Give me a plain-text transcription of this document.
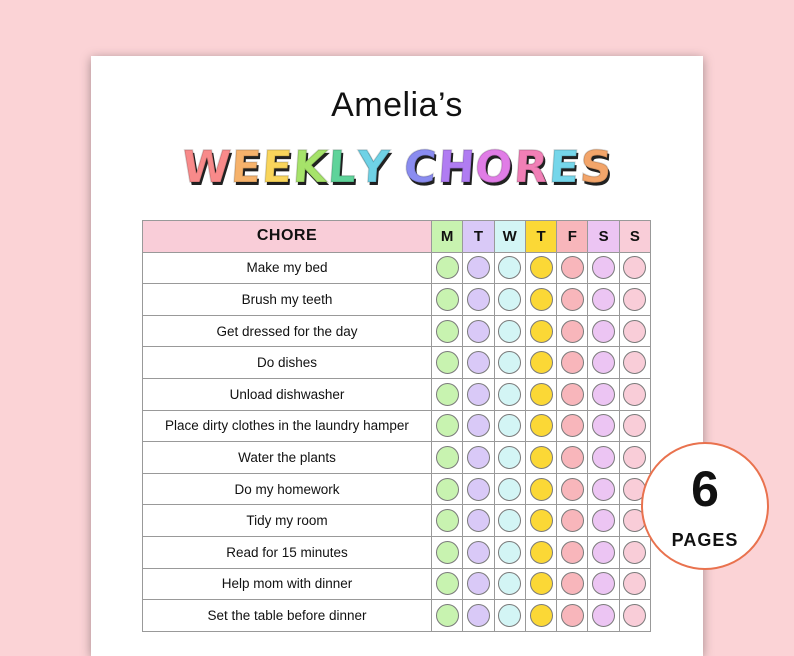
Amelia’s
WEEKLY CHORES
CHORE	M	T	W	T	F	S	S
Make my bed							
Brush my teeth							
Get dressed for the day							
Do dishes							
Unload dishwasher							
Place dirty clothes in the laundry hamper							
Water the plants							
Do my homework							
Tidy my room							
Read for 15 minutes							
Help mom with dinner							
Set the table before dinner							
6
PAGES
